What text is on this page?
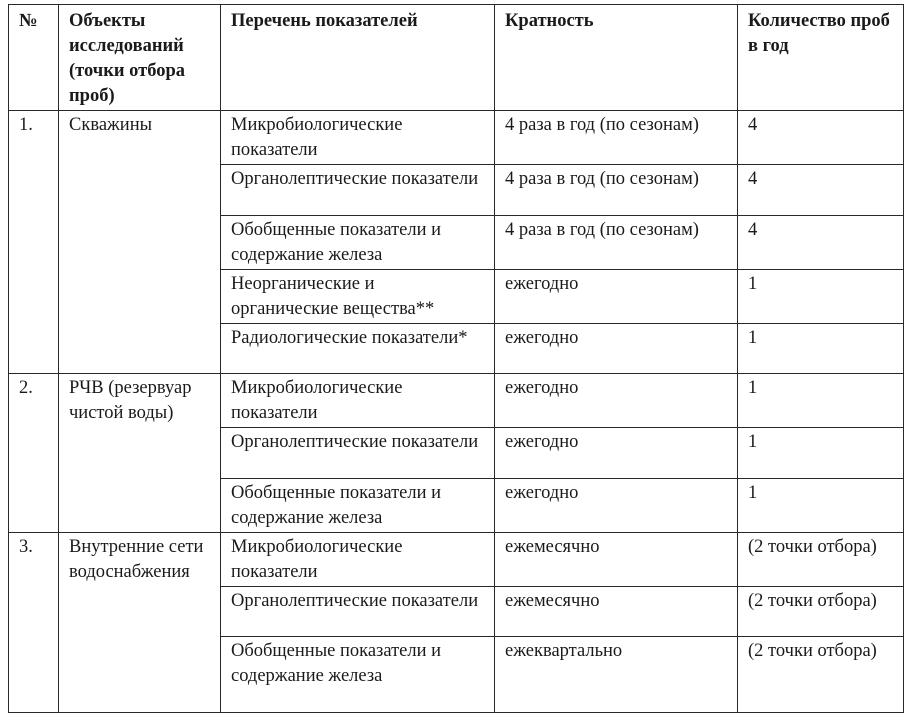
№	Объекты исследований (точки отбора проб)	Перечень показателей	Кратность	Количество проб в год
1.	Скважины	Микробиологические показатели	4 раза в год (по сезонам)	4
		Органолептические показатели	4 раза в год (по сезонам)	4
		Обобщенные показатели и содержание железа	4 раза в год (по сезонам)	4
		Неорганические и органические вещества**	ежегодно	1
		Радиологические показатели*	ежегодно	1
2.	РЧВ (резервуар чистой воды)	Микробиологические показатели	ежегодно	1
		Органолептические показатели	ежегодно	1
		Обобщенные показатели и содержание железа	ежегодно	1
3.	Внутренние сети водоснабжения	Микробиологические показатели	ежемесячно	(2 точки отбора)
		Органолептические показатели	ежемесячно	(2 точки отбора)
		Обобщенные показатели и содержание железа	ежеквартально	(2 точки отбора)
